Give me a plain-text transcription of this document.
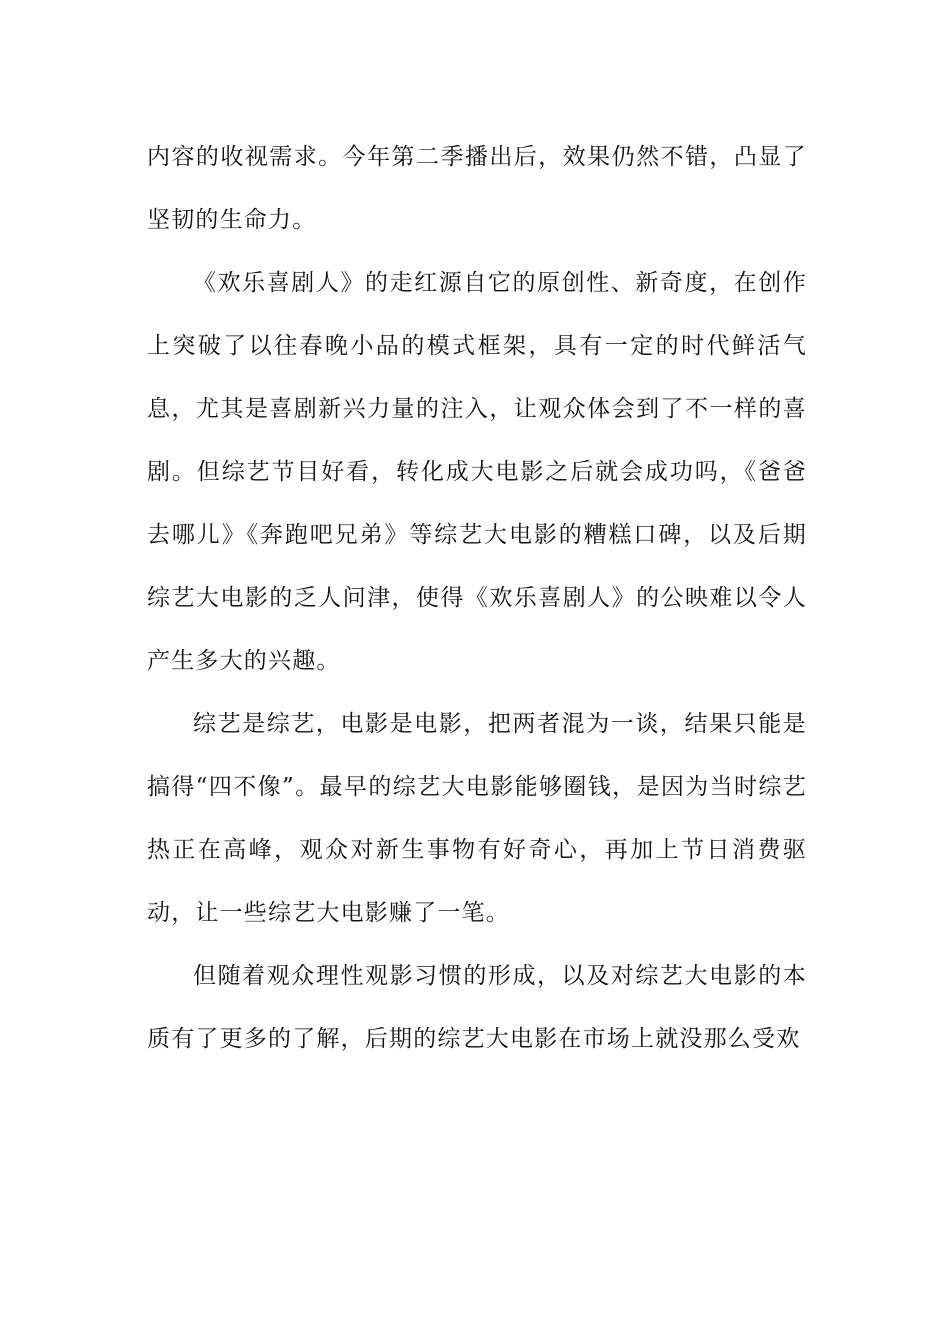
内容的收视需求。今年第二季播出后，效果仍然不错，凸显了坚韧的生命力。

《欢乐喜剧人》的走红源自它的原创性、新奇度，在创作上突破了以往春晚小品的模式框架，具有一定的时代鲜活气息，尤其是喜剧新兴力量的注入，让观众体会到了不一样的喜剧。但综艺节目好看，转化成大电影之后就会成功吗，《爸爸去哪儿》《奔跑吧兄弟》等综艺大电影的糟糕口碑，以及后期综艺大电影的乏人问津，使得《欢乐喜剧人》的公映难以令人产生多大的兴趣。

综艺是综艺，电影是电影，把两者混为一谈，结果只能是搞得“四不像”。最早的综艺大电影能够圈钱，是因为当时综艺热正在高峰，观众对新生事物有好奇心，再加上节日消费驱动，让一些综艺大电影赚了一笔。

但随着观众理性观影习惯的形成，以及对综艺大电影的本质有了更多的了解，后期的综艺大电影在市场上就没那么受欢
